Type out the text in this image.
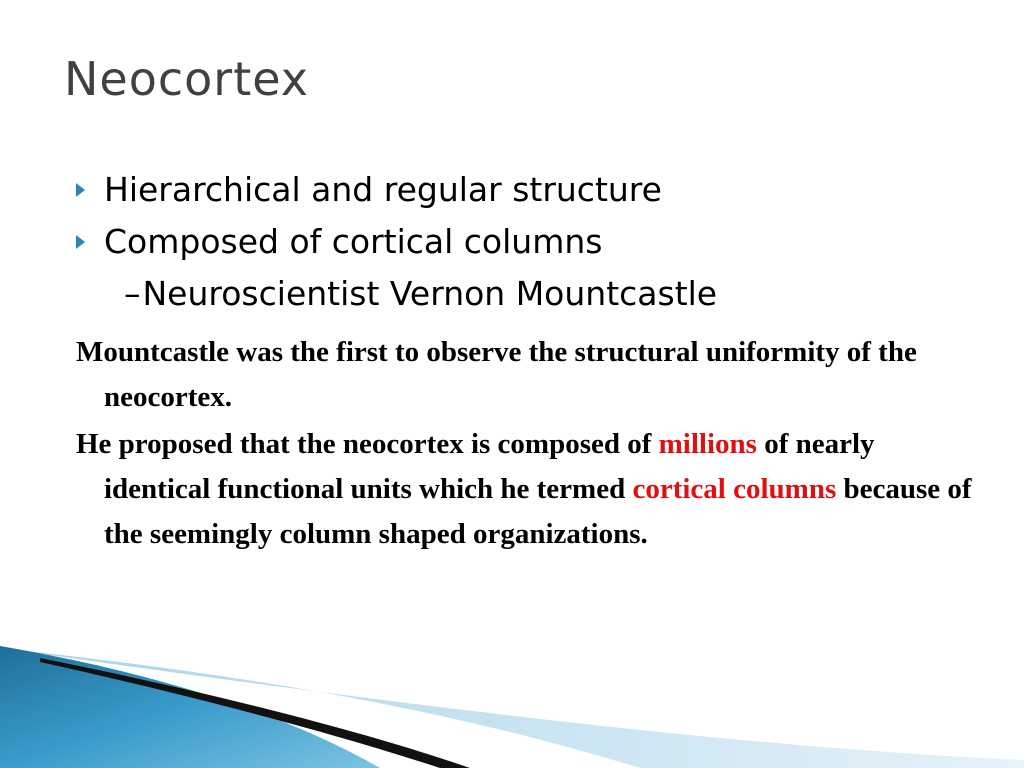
Neocortex
Hierarchical and regular structure
Composed of cortical columns
–Neuroscientist Vernon Mountcastle

Mountcastle was the first to observe the structural uniformity of the neocortex.

He proposed that the neocortex is composed of millions of nearly identical functional units which he termed cortical columns because of the seemingly column shaped organizations.
